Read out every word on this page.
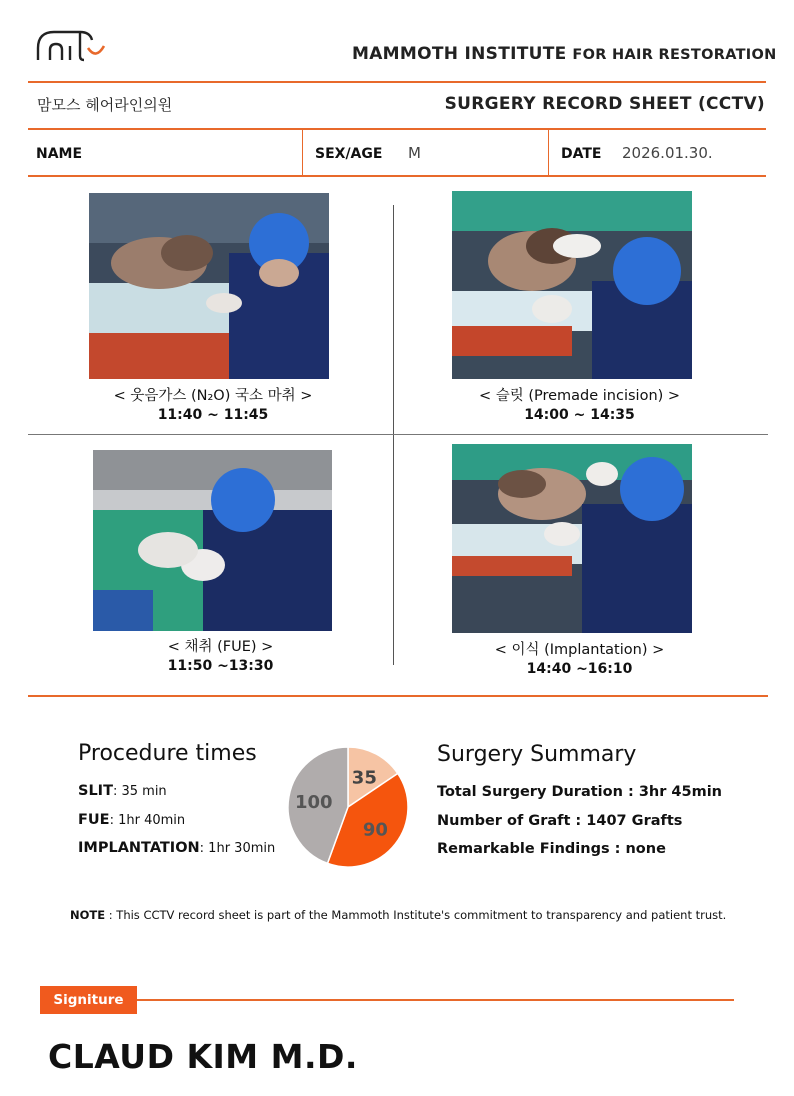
MAMMOTH INSTITUTE FOR HAIR RESTORATION
맘모스 헤어라인의원	SURGERY RECORD SHEET (CCTV)
NAME	SEX/AGE M	DATE 2026.01.30.
< 웃음가스 (N₂O) 국소 마취 >
11:40 ~ 11:45
< 슬릿 (Premade incision) >
14:00 ~ 14:35
< 채취 (FUE) >
11:50 ~13:30
< 이식 (Implantation) >
14:40 ~16:10
Procedure times
SLIT: 35 min
FUE: 1hr 40min
IMPLANTATION: 1hr 30min
35
90
100
Surgery Summary
Total Surgery Duration : 3hr 45min
Number of Graft : 1407 Grafts
Remarkable Findings : none
NOTE : This CCTV record sheet is part of the Mammoth Institute's commitment to transparency and patient trust.
Signiture
CLAUD KIM M.D.
